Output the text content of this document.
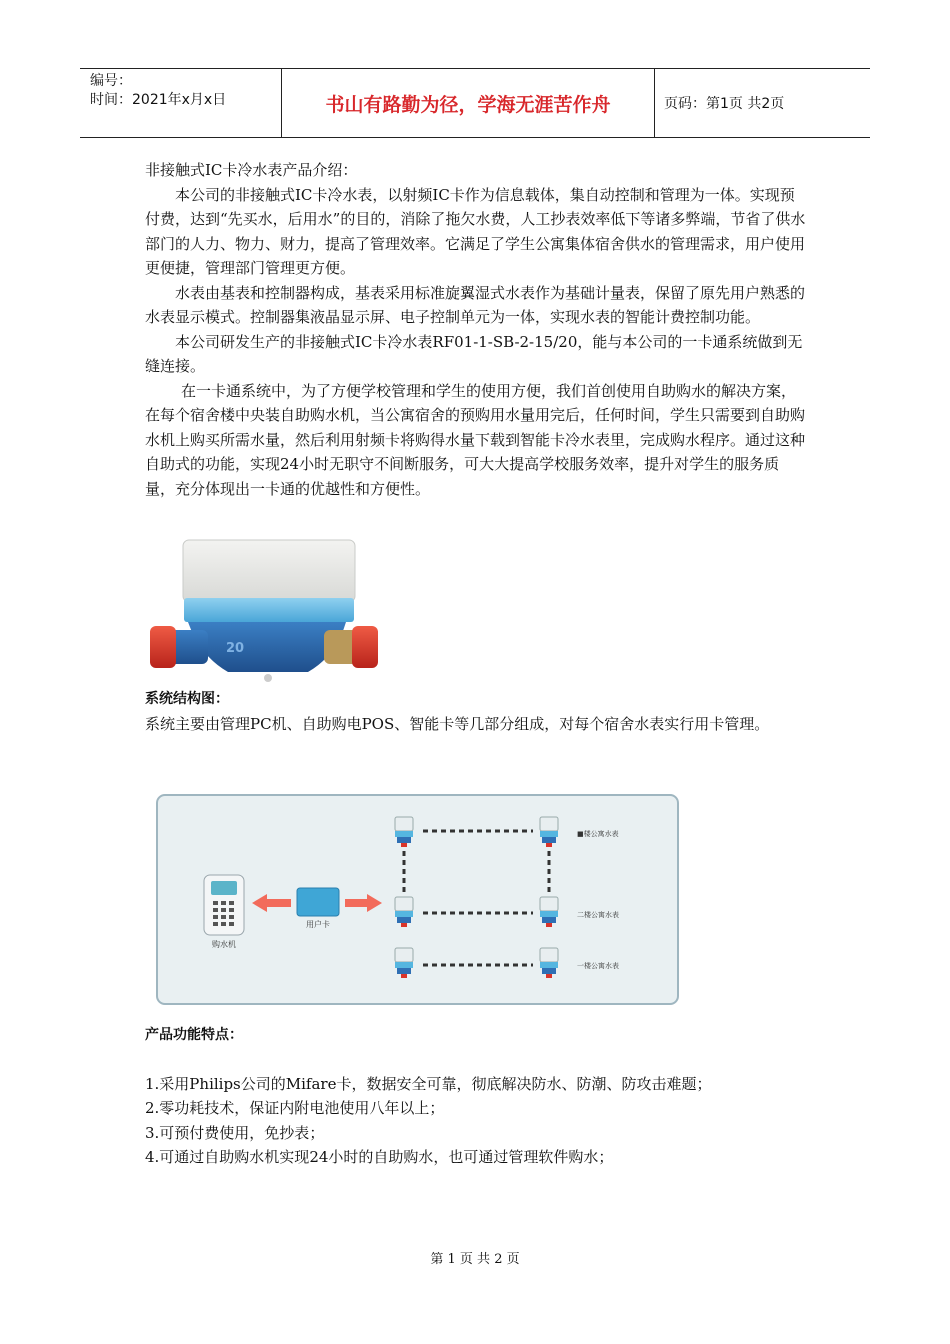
编号：
时间：2021年x月x日	书山有路勤为径，学海无涯苦作舟	页码：第1页 共2页

非接触式IC卡冷水表产品介绍：

本公司的非接触式IC卡冷水表，以射频IC卡作为信息载体，集自动控制和管理为一体。实现预付费，达到“先买水，后用水”的目的，消除了拖欠水费，人工抄表效率低下等诸多弊端，节省了供水部门的人力、物力、财力，提高了管理效率。它满足了学生公寓集体宿舍供水的管理需求，用户使用更便捷，管理部门管理更方便。

水表由基表和控制器构成，基表采用标准旋翼湿式水表作为基础计量表，保留了原先用户熟悉的水表显示模式。控制器集液晶显示屏、电子控制单元为一体，实现水表的智能计费控制功能。

本公司研发生产的非接触式IC卡冷水表RF01-1-SB-2-15/20，能与本公司的一卡通系统做到无缝连接。

在一卡通系统中，为了方便学校管理和学生的使用方便，我们首创使用自助购水的解决方案，在每个宿舍楼中央装自助购水机，当公寓宿舍的预购用水量用完后，任何时间，学生只需要到自助购水机上购买所需水量，然后利用射频卡将购得水量下载到智能卡冷水表里，完成购水程序。通过这种自助式的功能，实现24小时无职守不间断服务，可大大提高学校服务效率，提升对学生的服务质量，充分体现出一卡通的优越性和方便性。

系统结构图：

系统主要由管理PC机、自助购电POS、智能卡等几部分组成，对每个宿舍水表实行用卡管理。

产品功能特点：

1.采用Philips公司的Mifare卡，数据安全可靠，彻底解决防水、防潮、防攻击难题；

2.零功耗技术，保证内附电池使用八年以上；

3.可预付费使用，免抄表；

4.可通过自助购水机实现24小时的自助购水，也可通过管理软件购水；

20
购水机
用户卡
■楼公寓水表
二楼公寓水表
一楼公寓水表
第 1 页 共 2 页
